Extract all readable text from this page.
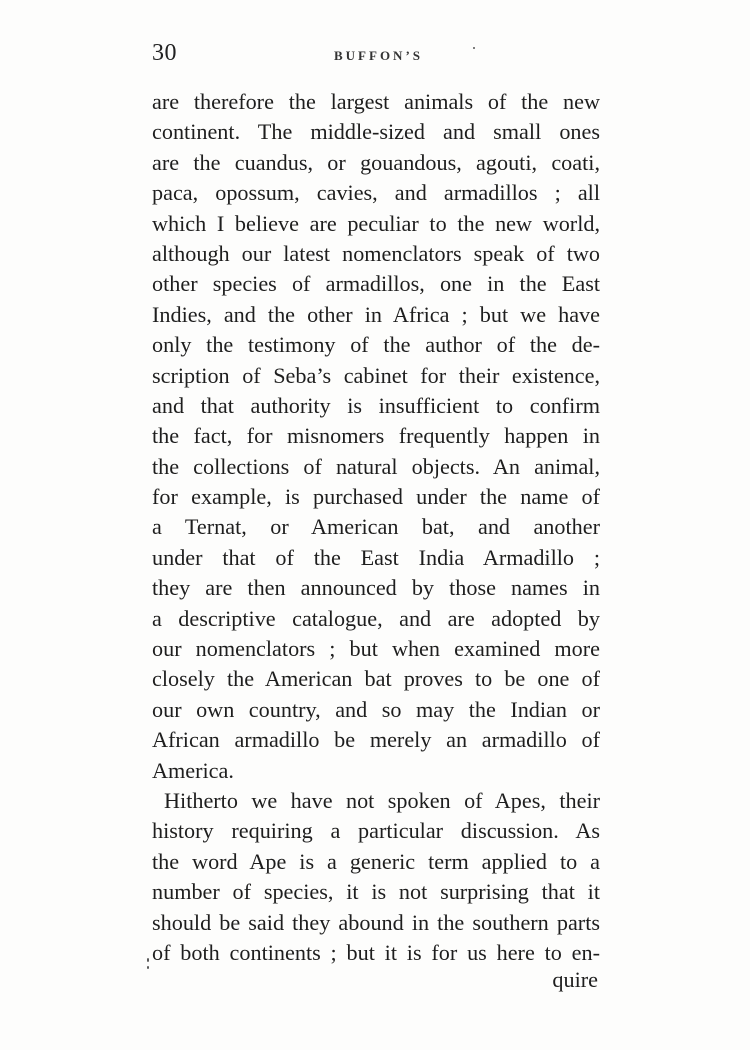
30	BUFFON’S
are therefore the largest animals of the new
continent. The middle-sized and small ones
are the cuandus, or gouandous, agouti, coati,
paca, opossum, cavies, and armadillos ; all
which I believe are peculiar to the new world,
although our latest nomenclators speak of two
other species of armadillos, one in the East
Indies, and the other in Africa ; but we have
only the testimony of the author of the de-
scription of Seba’s cabinet for their existence,
and that authority is insufficient to confirm
the fact, for misnomers frequently happen in
the collections of natural objects. An animal,
for example, is purchased under the name of
a Ternat, or American bat, and another
under that of the East India Armadillo ;
they are then announced by those names in
a descriptive catalogue, and are adopted by
our nomenclators ; but when examined more
closely the American bat proves to be one of
our own country, and so may the Indian or
African armadillo be merely an armadillo of
America.
Hitherto we have not spoken of Apes, their
history requiring a particular discussion. As
the word Ape is a generic term applied to a
number of species, it is not surprising that it
should be said they abound in the southern parts
of both continents ; but it is for us here to en-
quire
